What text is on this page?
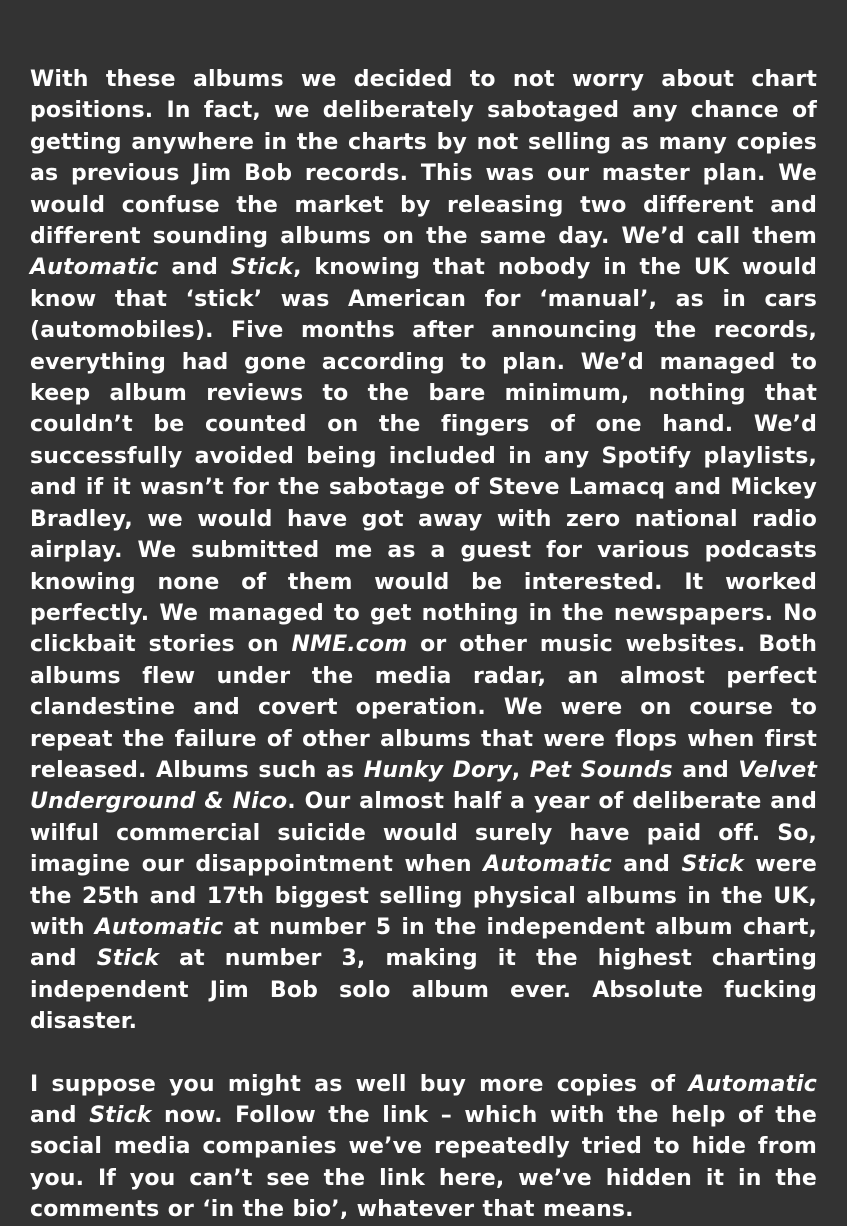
With these albums we decided to not worry about chart positions. In fact, we deliberately sabotaged any chance of getting anywhere in the charts by not selling as many copies as previous Jim Bob records. This was our master plan. We would confuse the market by releasing two different and different sounding albums on the same day. We’d call them Automatic and Stick, knowing that nobody in the UK would know that ‘stick’ was American for ‘manual’, as in cars (automobiles). Five months after announcing the records, everything had gone according to plan. We’d managed to keep album reviews to the bare minimum, nothing that couldn’t be counted on the fingers of one hand. We’d successfully avoided being included in any Spotify playlists, and if it wasn’t for the sabotage of Steve Lamacq and Mickey Bradley, we would have got away with zero national radio airplay. We submitted me as a guest for various podcasts knowing none of them would be interested. It worked perfectly. We managed to get nothing in the newspapers. No clickbait stories on NME.com or other music websites. Both albums flew under the media radar, an almost perfect clandestine and covert operation. We were on course to repeat the failure of other albums that were flops when first released. Albums such as Hunky Dory, Pet Sounds and Velvet Underground & Nico. Our almost half a year of deliberate and wilful commercial suicide would surely have paid off. So, imagine our disappointment when Automatic and Stick were the 25th and 17th biggest selling physical albums in the UK, with Automatic at number 5 in the independent album chart, and Stick at number 3, making it the highest charting independent Jim Bob solo album ever. Absolute fucking disaster.

I suppose you might as well buy more copies of Automatic and Stick now. Follow the link – which with the help of the social media companies we’ve repeatedly tried to hide from you. If you can’t see the link here, we’ve hidden it in the comments or ‘in the bio’, whatever that means.
